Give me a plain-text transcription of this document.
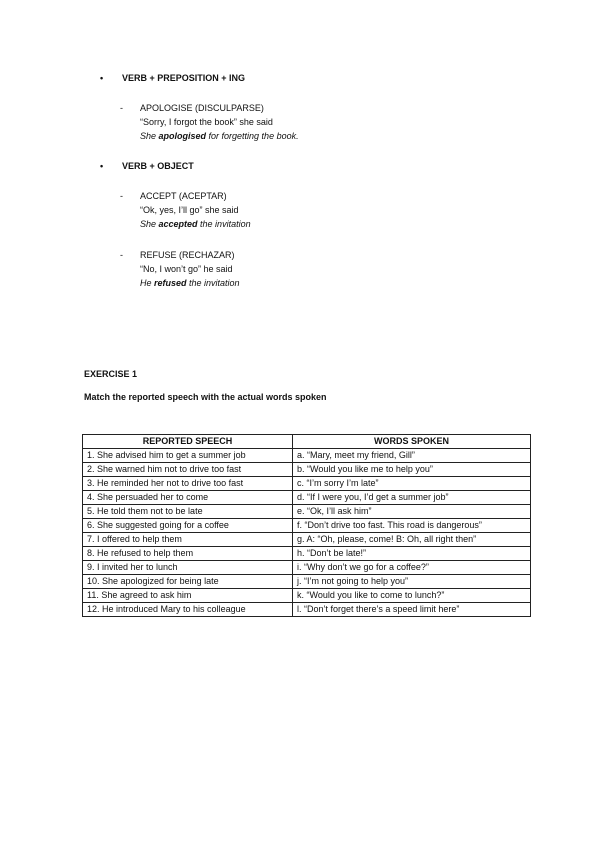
• VERB + PREPOSITION + ING
- APOLOGISE (DISCULPARSE)
“Sorry, I forgot the book” she said
She apologised for forgetting the book.
• VERB + OBJECT
- ACCEPT (ACEPTAR)
“Ok, yes, I’ll go” she said
She accepted the invitation
- REFUSE (RECHAZAR)
“No, I won’t go” he said
He refused the invitation
EXERCISE 1
Match the reported speech with the actual words spoken
REPORTED SPEECH	WORDS SPOKEN
1. She advised him to get a summer job	a. “Mary, meet my friend, Gill”
2. She warned him not to drive too fast	b. “Would you like me to help you”
3. He reminded her not to drive too fast	c. “I’m sorry I’m late”
4. She persuaded her to come	d. “If I were you, I’d get a summer job”
5. He told them not to be late	e. “Ok, I’ll ask him”
6. She suggested going for a coffee	f. “Don’t drive too fast. This road is dangerous”
7. I offered to help them	g. A: “Oh, please, come! B: Oh, all right then”
8. He refused to help them	h. “Don’t be late!”
9. I invited her to lunch	i. “Why don’t we go for a coffee?”
10. She apologized for being late	j. “I’m not going to help you”
11. She agreed to ask him	k. “Would you like to come to lunch?”
12. He introduced Mary to his colleague	l. “Don’t forget there’s a speed limit here”
